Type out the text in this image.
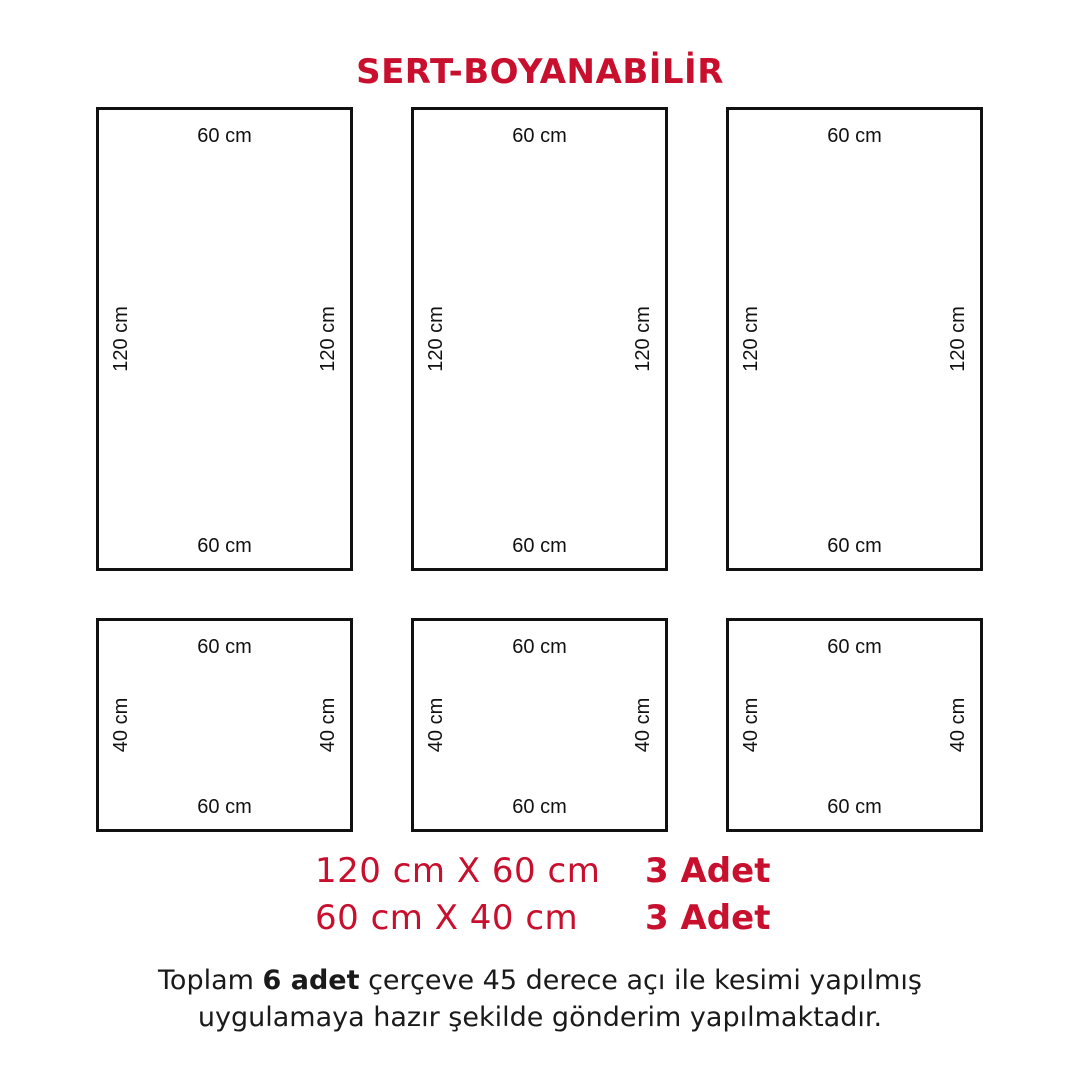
SERT-BOYANABİLİR
60 cm
120 cm	120 cm
60 cm
60 cm
120 cm	120 cm
60 cm
60 cm
120 cm	120 cm
60 cm
60 cm
40 cm	40 cm
60 cm
60 cm
40 cm	40 cm
60 cm
60 cm
40 cm	40 cm
60 cm
120 cm X 60 cm 3 Adet
60 cm X 40 cm 3 Adet
Toplam 6 adet çerçeve 45 derece açı ile kesimi yapılmış
uygulamaya hazır şekilde gönderim yapılmaktadır.
